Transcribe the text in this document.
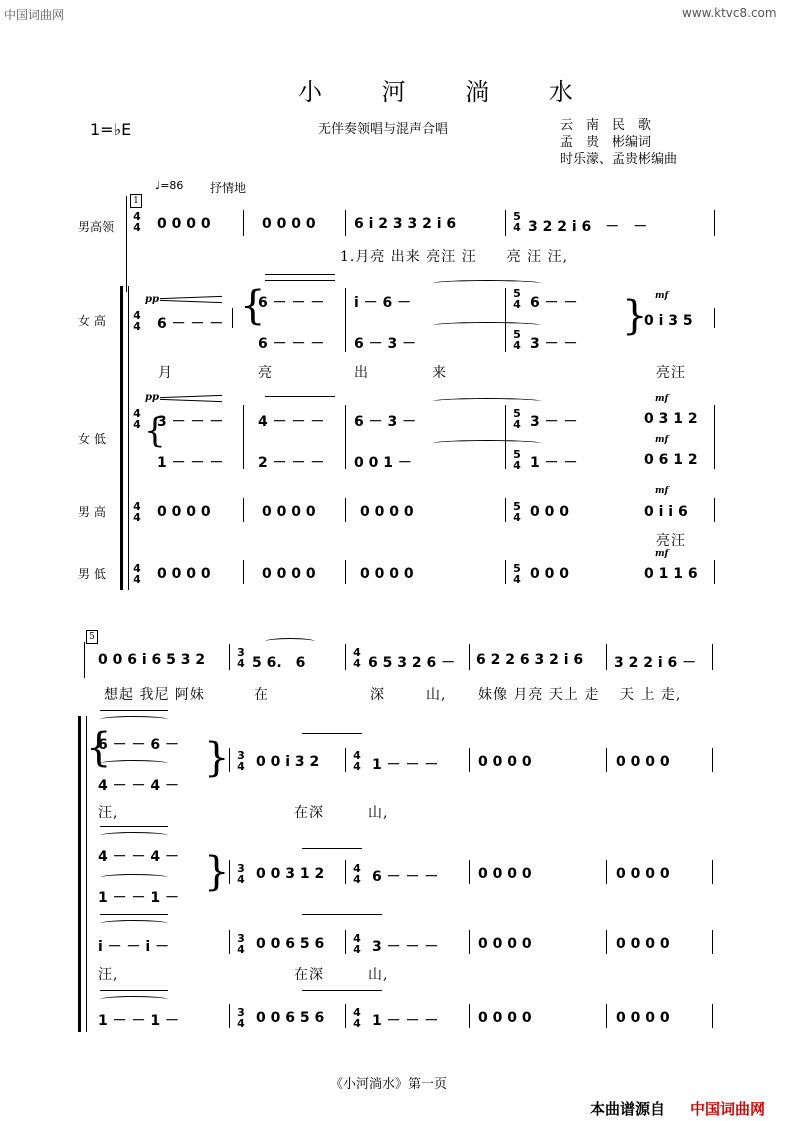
中国词曲网	www.ktvc8.com
小 河 淌 水
1=♭E	无伴奏领唱与混声合唱	云　南　民　歌
孟　贵　彬编词
时乐濛、孟贵彬编曲
♩=86 抒情地
1
男高领
女 高
女 低
男 高
男 低
4
4
4
4
4
4
4
4
4
4
0 0 0 0	0 0 0 0	6 i 2 3 3 2 i 6	5
4 3 2 2 i 6　－　－
1.月亮 出来 亮汪 汪　　亮 汪 汪,
pp
6 － － － {
6 － － －
6 － － －
i － 6 －
6 － 3 －
5
4
5
4
6 － －
3 － －
} mf
0 i 3 5
月	亮	出	来	亮汪
pp
{
3 － － －
1 － － －
4 － － －
2 － － －
6 － 3 －
0 0 1 －
5
4
5
4
3 － －
1 － －
mf
0 3 1 2
mf
0 6 1 2
0 0 0 0	0 0 0 0	0 0 0 0	5
4 0 0 0
mf
0 i i 6
亮汪
0 0 0 0	0 0 0 0	0 0 0 0	5
4 0 0 0
mf
0 1 1 6
5
0 0 6 i 6 5 3 2	3
4 5 6.　6
4
4 6 5 3 2 6 － 6 2 2 6 3 2 i 6 3 2 2 i 6 －
想起 我尼 阿妹	在	深	山, 妹像 月亮 天上 走 天 上 走,
{
6 － － 6 －
4 － － 4 －
} 3
4 0 0 i 3 2	4
4 1 － － －	0 0 0 0	0 0 0 0
汪,	在深	山,
4 － － 4 －
1 － － 1 －
} 3
4 0 0 3 1 2	4
4 6 － － －	0 0 0 0	0 0 0 0
i － － i －
3
4 0 0 6 5 6	4
4 3 － － －	0 0 0 0	0 0 0 0
汪,	在深	山,
1 － － 1 －
3
4 0 0 6 5 6	4
4 1 － － －	0 0 0 0	0 0 0 0
《小河淌水》第一页
本曲谱源自 中国词曲网
